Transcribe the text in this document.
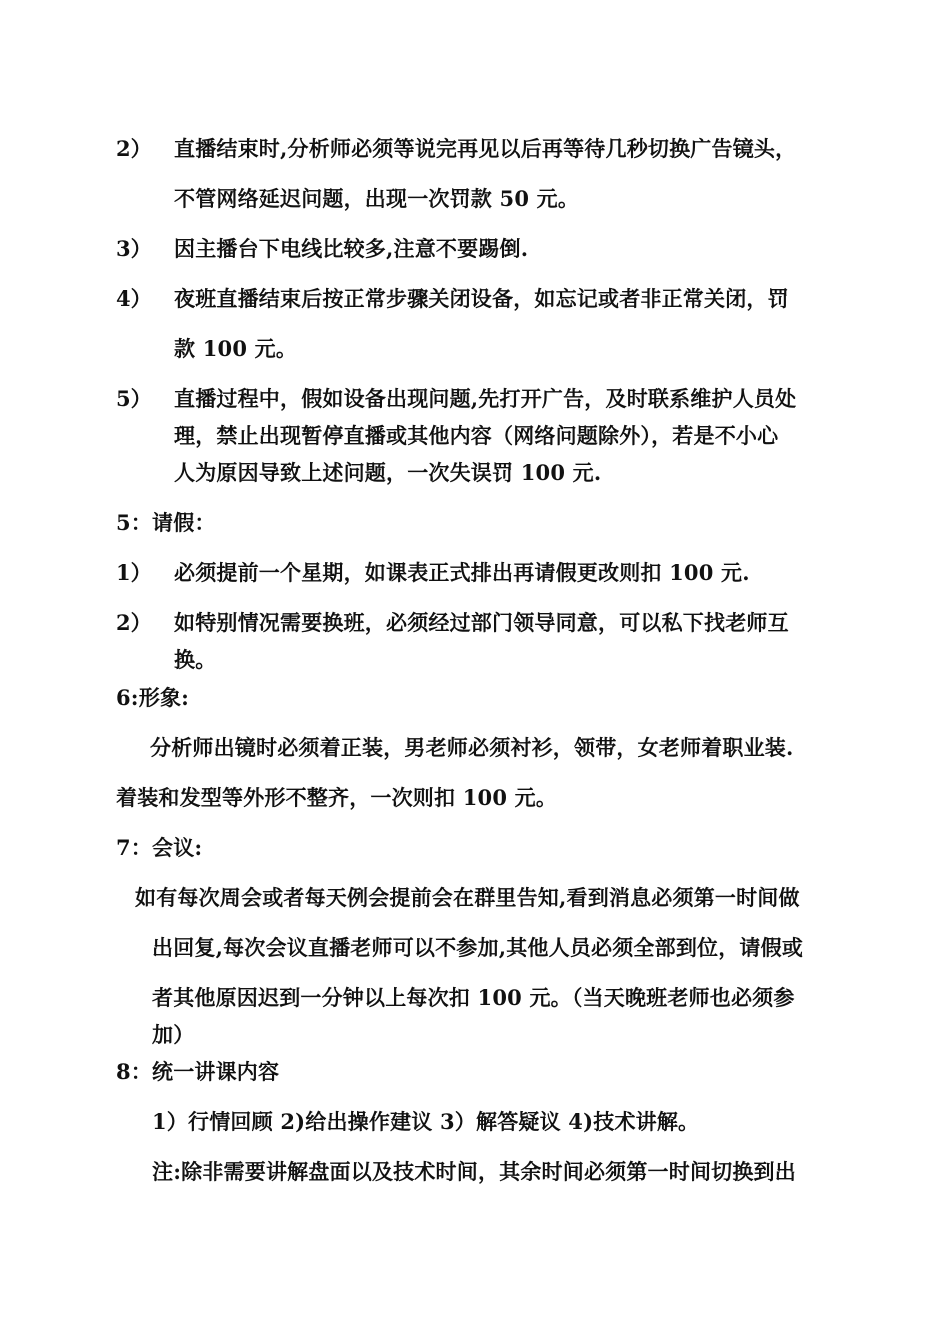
2） 直播结束时,分析师必须等说完再见以后再等待几秒切换广告镜头，
不管网络延迟问题，出现一次罚款 50 元。
3） 因主播台下电线比较多,注意不要踢倒.
4） 夜班直播结束后按正常步骤关闭设备，如忘记或者非正常关闭，罚
款 100 元。
5） 直播过程中，假如设备出现问题,先打开广告，及时联系维护人员处
理，禁止出现暂停直播或其他内容（网络问题除外），若是不小心
人为原因导致上述问题，一次失误罚 100 元.
5：请假：
1） 必须提前一个星期，如课表正式排出再请假更改则扣 100 元.
2） 如特别情况需要换班，必须经过部门领导同意，可以私下找老师互
换。
6:形象:
分析师出镜时必须着正装，男老师必须衬衫，领带，女老师着职业装.
着装和发型等外形不整齐，一次则扣 100 元。
7：会议:
如有每次周会或者每天例会提前会在群里告知,看到消息必须第一时间做
出回复,每次会议直播老师可以不参加,其他人员必须全部到位，请假或
者其他原因迟到一分钟以上每次扣 100 元。（当天晚班老师也必须参
加）
8：统一讲课内容
1）行情回顾 2)给出操作建议 3）解答疑议 4)技术讲解。
注:除非需要讲解盘面以及技术时间，其余时间必须第一时间切换到出
